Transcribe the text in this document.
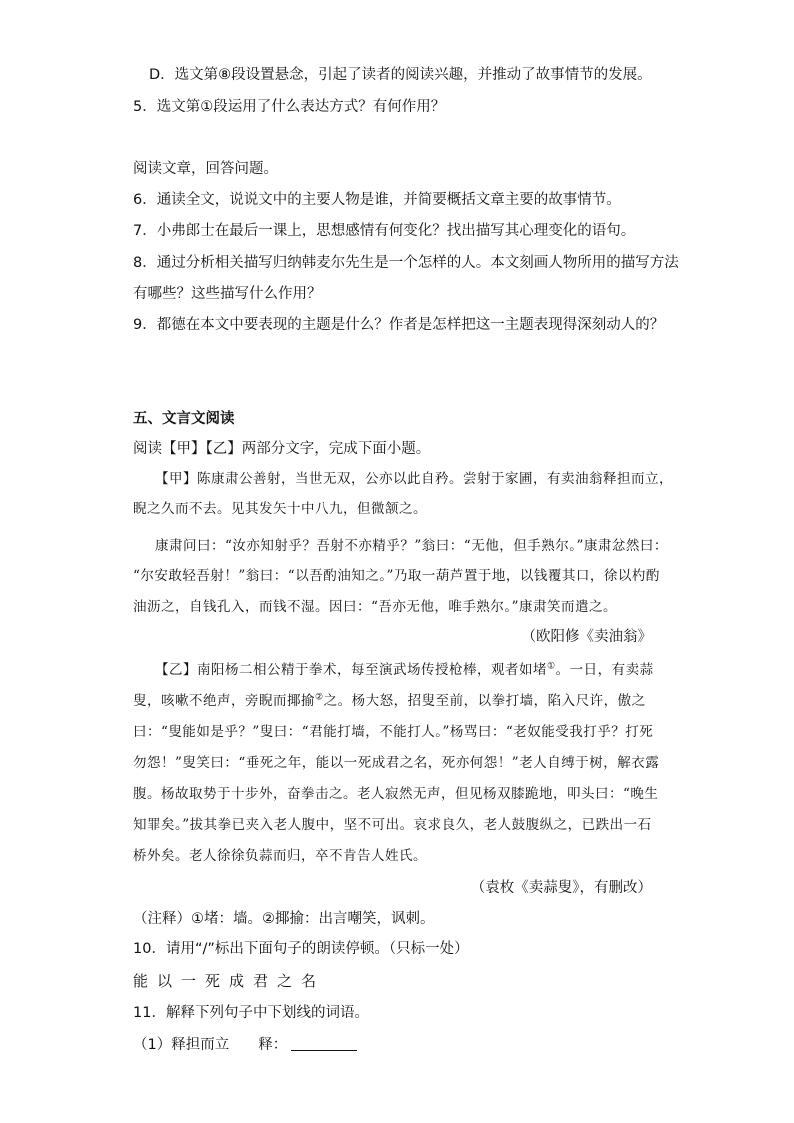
D．选文第⑧段设置悬念，引起了读者的阅读兴趣，并推动了故事情节的发展。
5．选文第①段运用了什么表达方式？有何作用？
阅读文章，回答问题。
6．通读全文，说说文中的主要人物是谁，并简要概括文章主要的故事情节。
7．小弗郎士在最后一课上，思想感情有何变化？找出描写其心理变化的语句。
8．通过分析相关描写归纳韩麦尔先生是一个怎样的人。本文刻画人物所用的描写方法
有哪些？这些描写什么作用？
9．都德在本文中要表现的主题是什么？作者是怎样把这一主题表现得深刻动人的？
五、文言文阅读
阅读【甲】【乙】两部分文字，完成下面小题。
【甲】陈康肃公善射，当世无双，公亦以此自矜。尝射于家圃，有卖油翁释担而立，
睨之久而不去。见其发矢十中八九，但微颔之。
康肃问曰：“汝亦知射乎？吾射不亦精乎？”翁曰：“无他，但手熟尔。”康肃忿然曰：
“尔安敢轻吾射！”翁曰：“以吾酌油知之。”乃取一葫芦置于地，以钱覆其口，徐以杓酌
油沥之，自钱孔入，而钱不湿。因曰：“吾亦无他，唯手熟尔。”康肃笑而遣之。
（欧阳修《卖油翁》
【乙】南阳杨二相公精于拳术，每至演武场传授枪棒，观者如堵①。一日，有卖蒜
叟，咳嗽不绝声，旁睨而揶揄②之。杨大怒，招叟至前，以拳打墙，陷入尺许，傲之
曰：“叟能如是乎？”叟曰：“君能打墙，不能打人。”杨骂曰：“老奴能受我打乎？打死
勿怨！”叟笑曰：“垂死之年，能以一死成君之名，死亦何怨！”老人自缚于树，解衣露
腹。杨故取势于十步外，奋拳击之。老人寂然无声，但见杨双膝跪地，叩头曰：“晚生
知罪矣。”拔其拳已夹入老人腹中，坚不可出。哀求良久，老人鼓腹纵之，已跌出一石
桥外矣。老人徐徐负蒜而归，卒不肯告人姓氏。
（袁枚《卖蒜叟》，有删改）
（注释）①堵：墙。②揶揄：出言嘲笑，讽刺。
10．请用“/”标出下面句子的朗读停顿。（只标一处）
能以一死成君之名
11．解释下列句子中下划线的词语。
（1）释担而立　　释：
